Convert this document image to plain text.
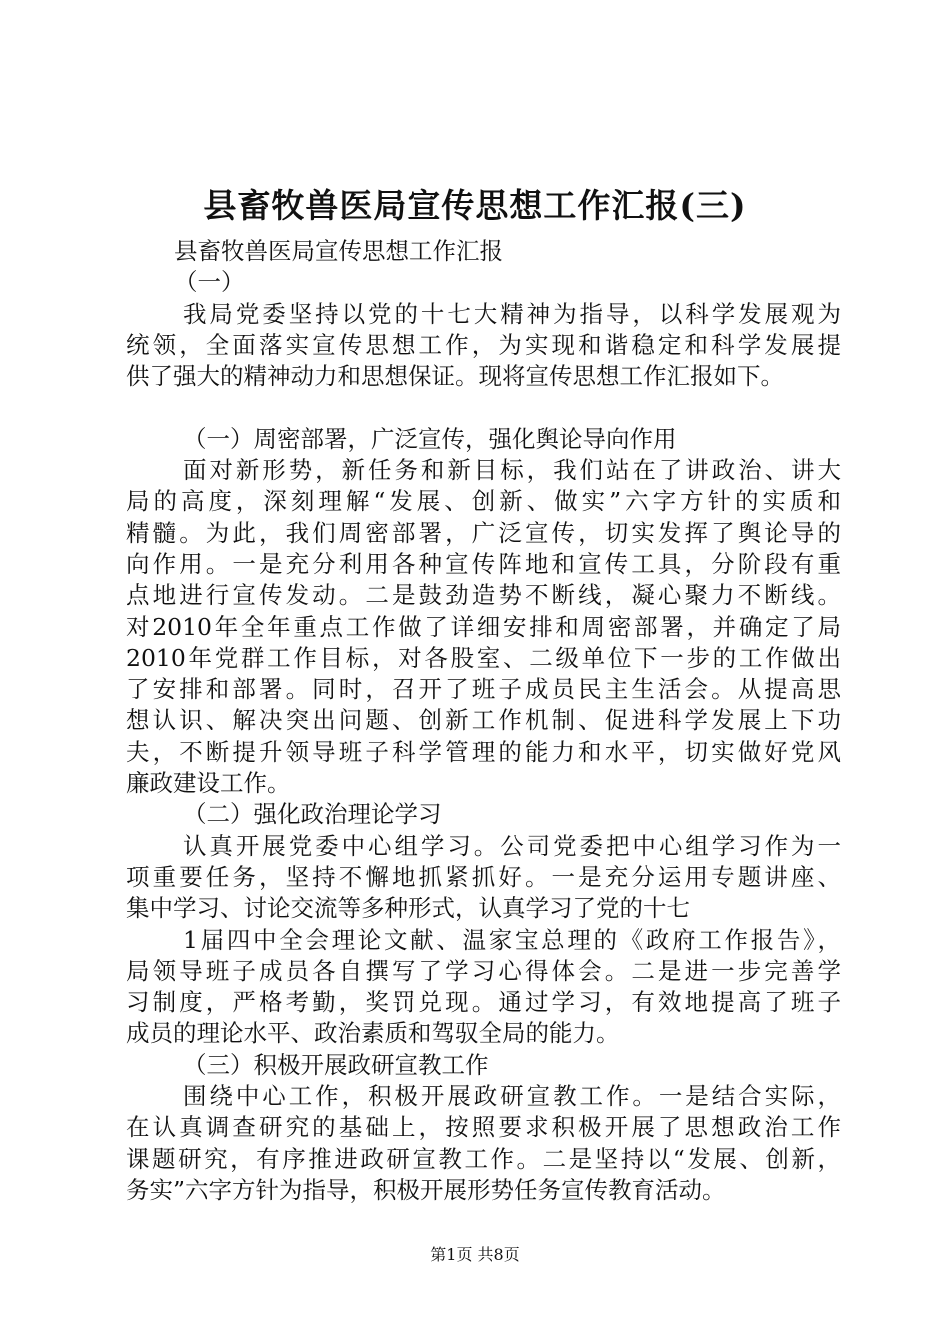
县畜牧兽医局宣传思想工作汇报(三)
县畜牧兽医局宣传思想工作汇报
（一）
我局党委坚持以党的十七大精神为指导，以科学发展观为
统领，全面落实宣传思想工作，为实现和谐稳定和科学发展提
供了强大的精神动力和思想保证。现将宣传思想工作汇报如下。
（一）周密部署，广泛宣传，强化舆论导向作用
面对新形势，新任务和新目标，我们站在了讲政治、讲大
局的高度，深刻理解“发展、创新、做实”六字方针的实质和
精髓。为此，我们周密部署，广泛宣传，切实发挥了舆论导的
向作用。一是充分利用各种宣传阵地和宣传工具，分阶段有重
点地进行宣传发动。二是鼓劲造势不断线，凝心聚力不断线。
对2010年全年重点工作做了详细安排和周密部署，并确定了局
2010年党群工作目标，对各股室、二级单位下一步的工作做出
了安排和部署。同时，召开了班子成员民主生活会。从提高思
想认识、解决突出问题、创新工作机制、促进科学发展上下功
夫，不断提升领导班子科学管理的能力和水平，切实做好党风
廉政建设工作。
（二）强化政治理论学习
认真开展党委中心组学习。公司党委把中心组学习作为一
项重要任务，坚持不懈地抓紧抓好。一是充分运用专题讲座、
集中学习、讨论交流等多种形式，认真学习了党的十七
1届四中全会理论文献、温家宝总理的《政府工作报告》，
局领导班子成员各自撰写了学习心得体会。二是进一步完善学
习制度，严格考勤，奖罚兑现。通过学习，有效地提高了班子
成员的理论水平、政治素质和驾驭全局的能力。
（三）积极开展政研宣教工作
围绕中心工作，积极开展政研宣教工作。一是结合实际，
在认真调查研究的基础上，按照要求积极开展了思想政治工作
课题研究，有序推进政研宣教工作。二是坚持以“发展、创新，
务实”六字方针为指导，积极开展形势任务宣传教育活动。
第1页 共8页
